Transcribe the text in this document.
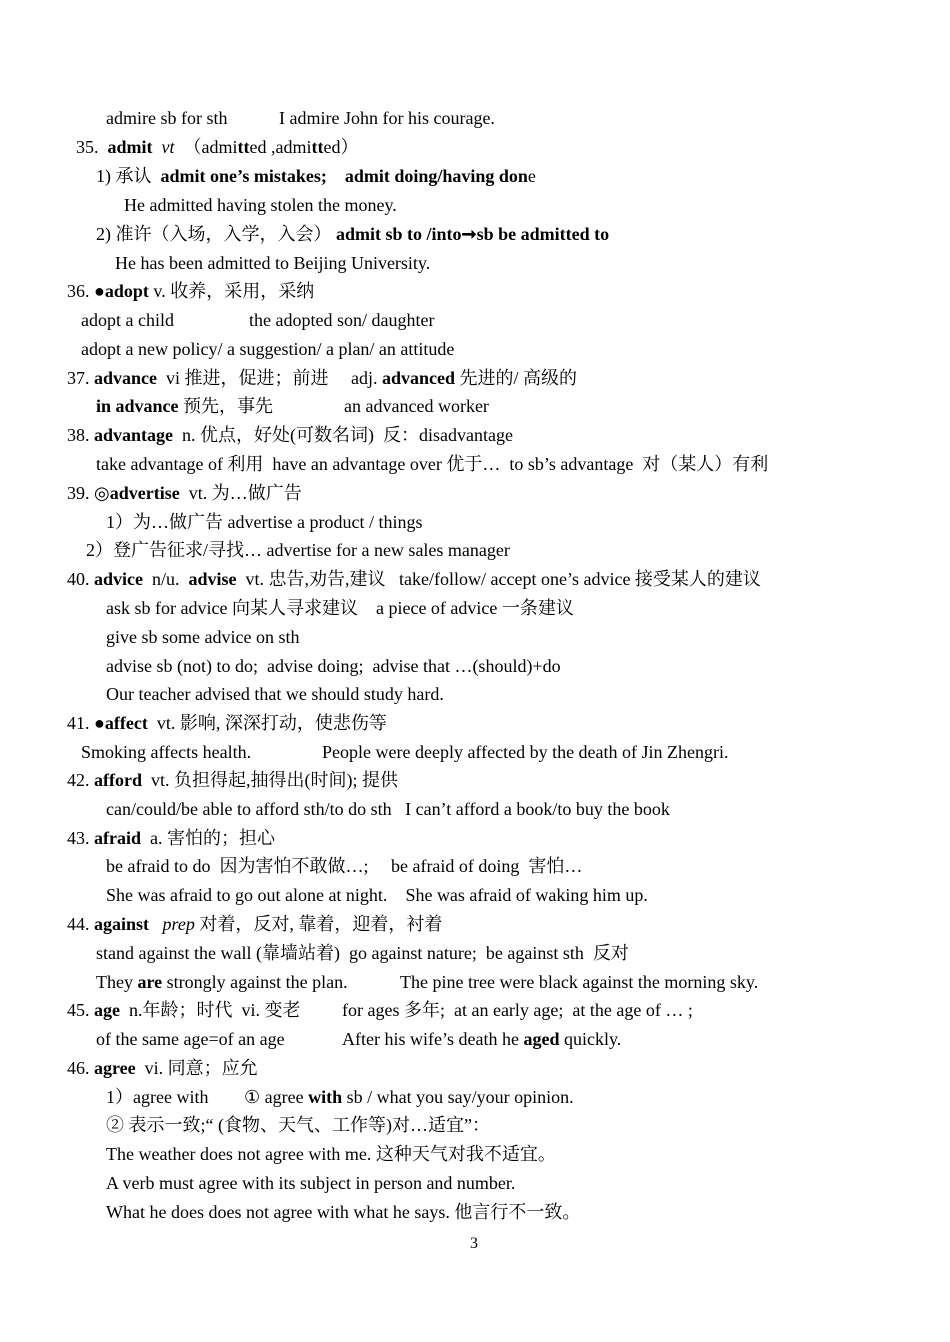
admire sb for sth	I admire John for his courage.
35. admit vt （admitted ,admitted）
1) 承认 admit one’s mistakes; admit doing/having done
He admitted having stolen the money.
2) 准许（入场，入学，入会） admit sb to /into➞sb be admitted to
He has been admitted to Beijing University.
36. ●adopt v. 收养，采用，采纳
adopt a child	the adopted son/ daughter
adopt a new policy/ a suggestion/ a plan/ an attitude
37. advance vi 推进，促进；前进 adj. advanced 先进的/ 高级的
in advance 预先，事先	an advanced worker
38. advantage n. 优点，好处(可数名词)  反：disadvantage
take advantage of 利用  have an advantage over 优于…  to sb’s advantage  对（某人）有利
39. ◎advertise vt. 为…做广告
1）为…做广告 advertise a product / things
2）登广告征求/寻找… advertise for a new sales manager
40. advice n/u. advise vt. 忠告,劝告,建议   take/follow/ accept one’s advice 接受某人的建议
ask sb for advice 向某人寻求建议 a piece of advice 一条建议
give sb some advice on sth
advise sb (not) to do;  advise doing;  advise that …(should)+do
Our teacher advised that we should study hard.
41. ●affect vt. 影响, 深深打动，使悲伤等
Smoking affects health.	People were deeply affected by the death of Jin Zhengri.
42. afford vt. 负担得起,抽得出(时间); 提供
can/could/be able to afford sth/to do sth   I can’t afford a book/to buy the book
43. afraid a. 害怕的；担心
be afraid to do  因为害怕不敢做…; be afraid of doing  害怕…
She was afraid to go out alone at night. She was afraid of waking him up.
44. against prep 对着，反对, 靠着，迎着，衬着
stand against the wall (靠墙站着)  go against nature;  be against sth  反对
They are strongly against the plan.	The pine tree were black against the morning sky.
45. age n.年龄；时代  vi. 变老 for ages 多年;  at an early age;  at the age of … ;
of the same age=of an age	After his wife’s death he aged quickly.
46. agree vi. 同意；应允
1）agree with ① agree with sb / what you say/your opinion.
② 表示一致;“ (食物、天气、工作等)对…适宜”：
The weather does not agree with me. 这种天气对我不适宜。
A verb must agree with its subject in person and number.
What he does does not agree with what he says. 他言行不一致。
3
